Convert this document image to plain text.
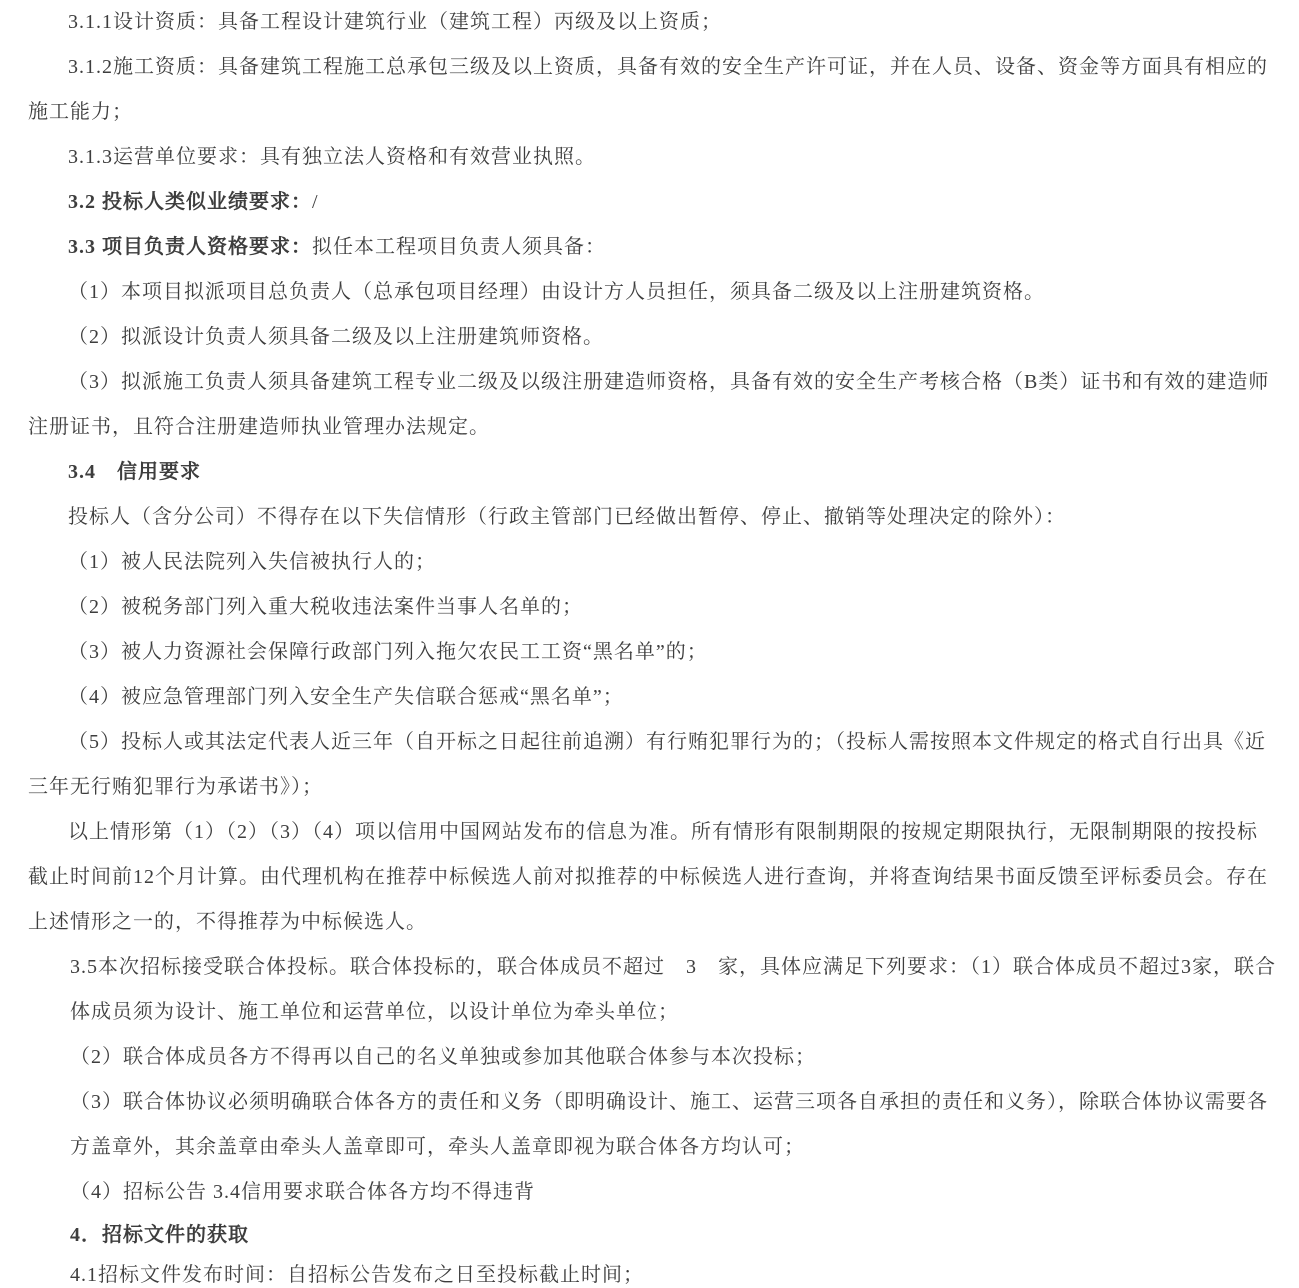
3.1.1设计资质：具备工程设计建筑行业（建筑工程）丙级及以上资质；

3.1.2施工资质：具备建筑工程施工总承包三级及以上资质，具备有效的安全生产许可证，并在人员、设备、资金等方面具有相应的施工能力；

3.1.3运营单位要求：具有独立法人资格和有效营业执照。

3.2 投标人类似业绩要求：/

3.3 项目负责人资格要求：拟任本工程项目负责人须具备：

（1）本项目拟派项目总负责人（总承包项目经理）由设计方人员担任，须具备二级及以上注册建筑资格。

（2）拟派设计负责人须具备二级及以上注册建筑师资格。

（3）拟派施工负责人须具备建筑工程专业二级及以级注册建造师资格，具备有效的安全生产考核合格（B类）证书和有效的建造师注册证书，且符合注册建造师执业管理办法规定。

3.4　信用要求

投标人（含分公司）不得存在以下失信情形（行政主管部门已经做出暂停、停止、撤销等处理决定的除外）：

（1）被人民法院列入失信被执行人的；

（2）被税务部门列入重大税收违法案件当事人名单的；

（3）被人力资源社会保障行政部门列入拖欠农民工工资“黑名单”的；

（4）被应急管理部门列入安全生产失信联合惩戒“黑名单”；

（5）投标人或其法定代表人近三年（自开标之日起往前追溯）有行贿犯罪行为的；（投标人需按照本文件规定的格式自行出具《近三年无行贿犯罪行为承诺书》）；

以上情形第（1）（2）（3）（4）项以信用中国网站发布的信息为准。所有情形有限制期限的按规定期限执行，无限制期限的按投标截止时间前12个月计算。由代理机构在推荐中标候选人前对拟推荐的中标候选人进行查询，并将查询结果书面反馈至评标委员会。存在上述情形之一的，不得推荐为中标候选人。

3.5本次招标接受联合体投标。联合体投标的，联合体成员不超过　3　家，具体应满足下列要求：（1）联合体成员不超过3家，联合体成员须为设计、施工单位和运营单位，以设计单位为牵头单位；

（2）联合体成员各方不得再以自己的名义单独或参加其他联合体参与本次投标；

（3）联合体协议必须明确联合体各方的责任和义务（即明确设计、施工、运营三项各自承担的责任和义务），除联合体协议需要各方盖章外，其余盖章由牵头人盖章即可，牵头人盖章即视为联合体各方均认可；

（4）招标公告 3.4信用要求联合体各方均不得违背

4．招标文件的获取

4.1招标文件发布时间：自招标公告发布之日至投标截止时间；
